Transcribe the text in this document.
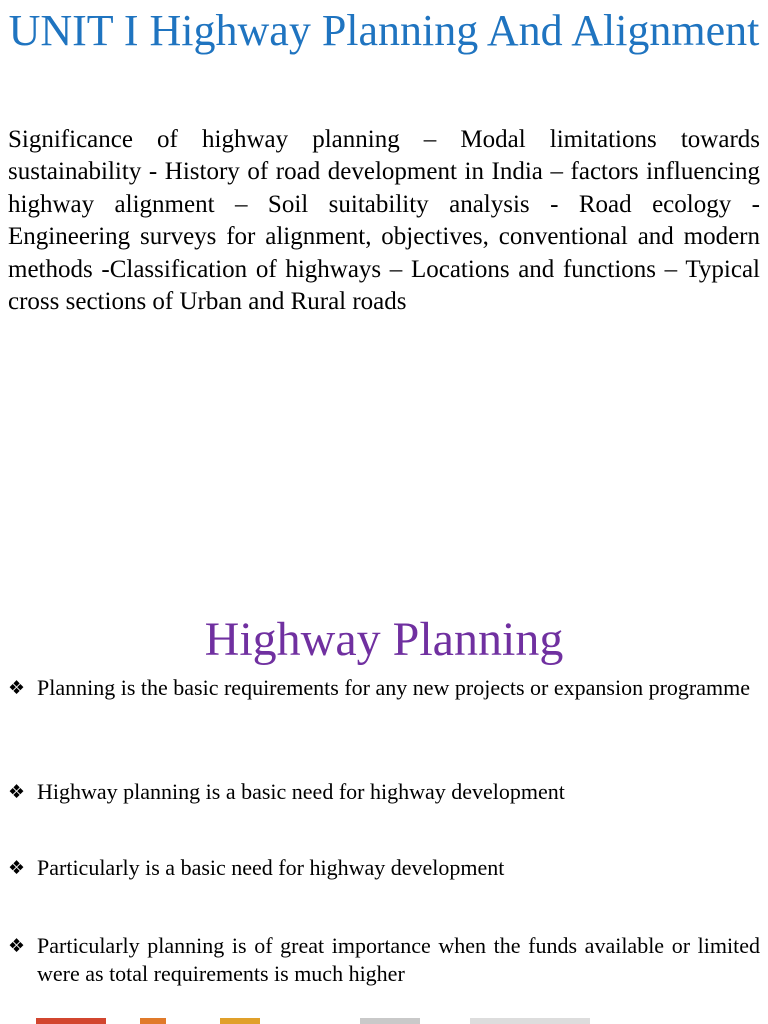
UNIT I Highway Planning And Alignment
Significance of highway planning – Modal limitations towards sustainability - History of road development in India – factors influencing highway alignment – Soil suitability analysis - Road ecology - Engineering surveys for alignment, objectives, conventional and modern methods -Classification of highways – Locations and functions – Typical cross sections of Urban and Rural roads
Highway Planning
❖ Planning is the basic requirements for any new projects or expansion programme
❖ Highway planning is a basic need for highway development
❖ Particularly is a basic need for highway development
❖ Particularly planning is of great importance when the funds available or limited were as total requirements is much higher
